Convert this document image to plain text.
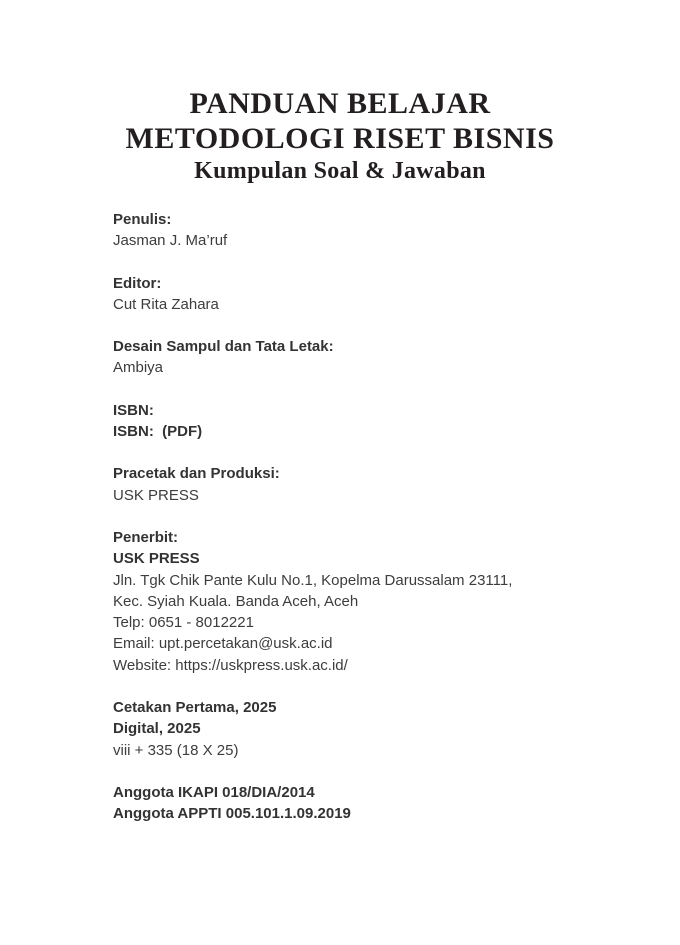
PANDUAN BELAJAR
METODOLOGI RISET BISNIS
Kumpulan Soal & Jawaban
Penulis:
Jasman J. Ma’ruf
Editor:
Cut Rita Zahara
Desain Sampul dan Tata Letak:
Ambiya
ISBN:
ISBN:  (PDF)
Pracetak dan Produksi:
USK PRESS
Penerbit:
USK PRESS
Jln. Tgk Chik Pante Kulu No.1, Kopelma Darussalam 23111,
Kec. Syiah Kuala. Banda Aceh, Aceh
Telp: 0651 - 8012221
Email: upt.percetakan@usk.ac.id
Website: https://uskpress.usk.ac.id/
Cetakan Pertama, 2025
Digital, 2025
viii + 335 (18 X 25)
Anggota IKAPI 018/DIA/2014
Anggota APPTI 005.101.1.09.2019
